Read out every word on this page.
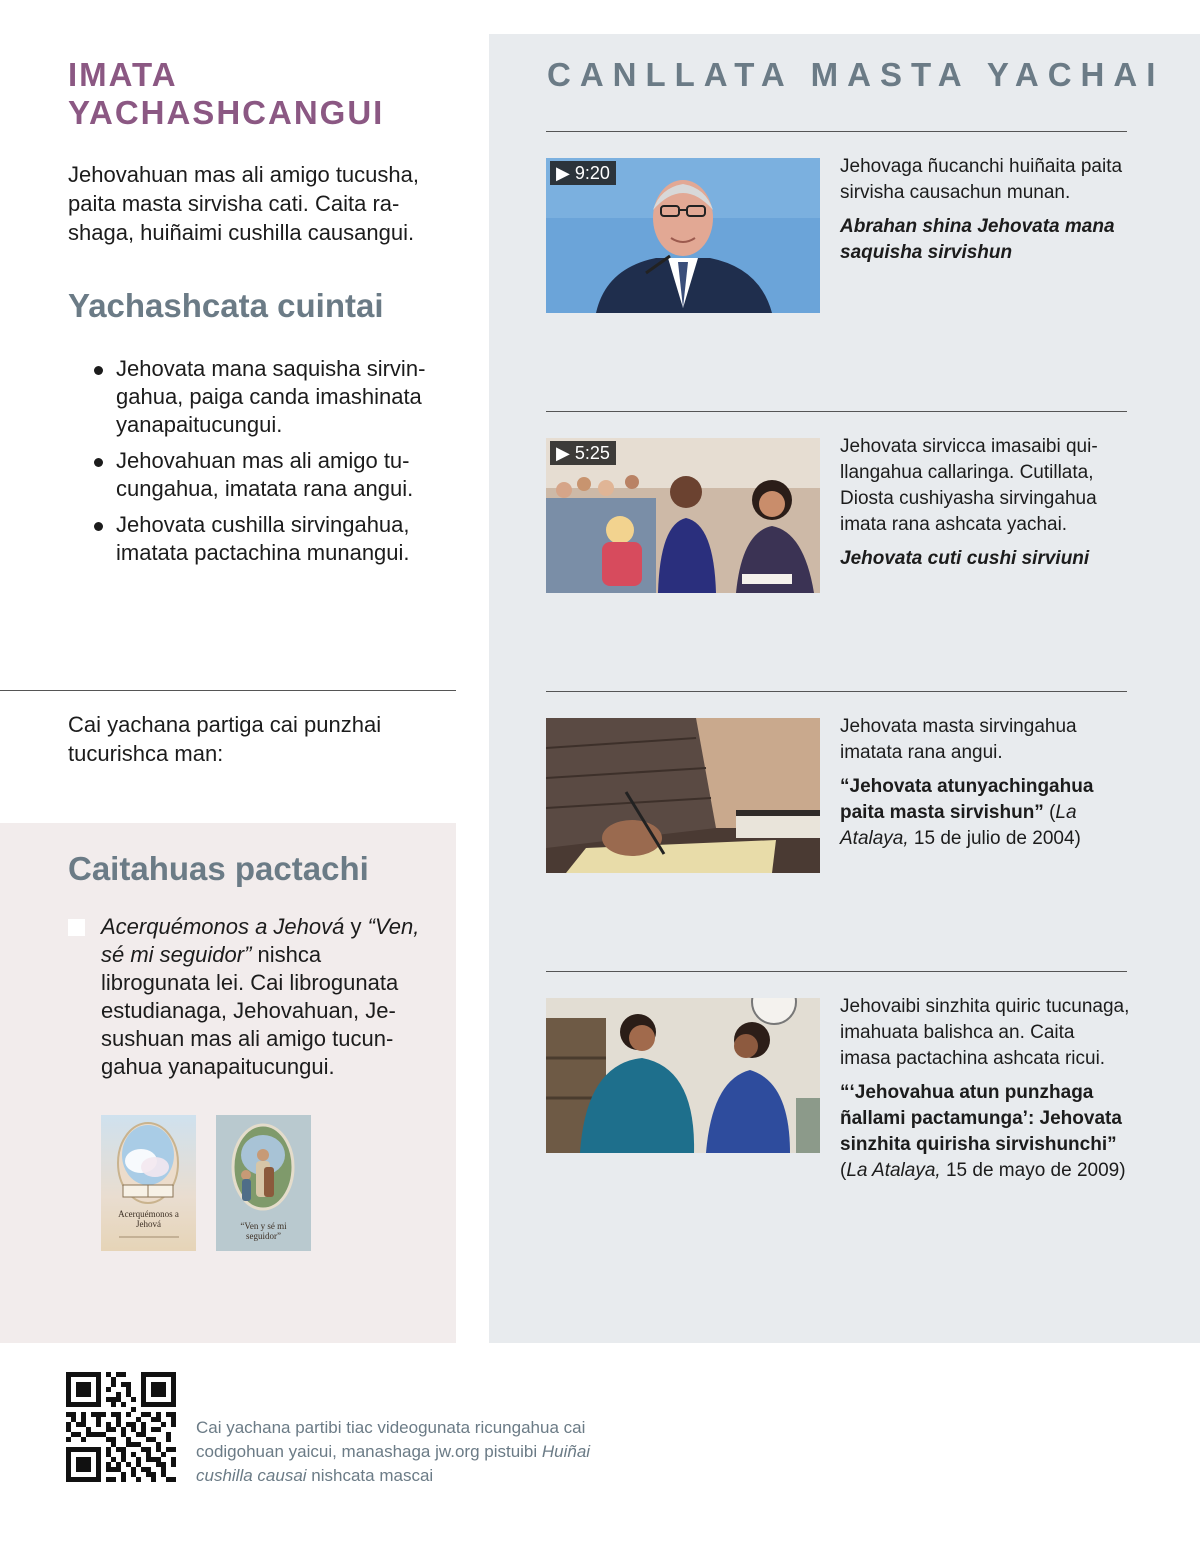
IMATA YACHASHCANGUI

Jehovahuan mas ali amigo tucusha, paita masta sirvisha cati. Caita rashaga, huiñaimi cushilla causangui.

Yachashcata cuintai
Jehovata mana saquisha sirvingahua, paiga canda imashinata yanapaitucungui.
Jehovahuan mas ali amigo tucungahua, imatata rana angui.
Jehovata cushilla sirvingahua, imatata pactachina munangui.

Cai yachana partiga cai punzhai tucurishca man:

Caitahuas pactachi

Acerquémonos a Jehová y “Ven, sé mi seguidor” nishca librogunata lei. Cai librogunata estudianaga, Jehovahuan, Jesushuan mas ali amigo tucungahua yanapaitucungui.

Acerquémonos a Jehová	“Ven y sé mi seguidor”
CANLLATA MASTA YACHAI
▶ 9:20	Jehovaga ñucanchi huiñaita paita sirvisha causachun munan.

Abrahan shina Jehovata mana saquisha sirvishun

▶ 5:25	Jehovata sirvicca imasaibi quillangahua callaringa. Cutillata, Diosta cushiyasha sirvingahua imata rana ashcata yachai.

Jehovata cuti cushi sirviuni

Jehovata masta sirvingahua imatata rana angui.

“Jehovata atunyachingahua paita masta sirvishun” (La Atalaya, 15 de julio de 2004)

Jehovaibi sinzhita quiric tucunaga, imahuata balishca an. Caita imasa pactachina ashcata ricui.

“‘Jehovahua atun punzhaga ñallami pactamunga’: Jehovata sinzhita quirisha sirvishunchi” (La Atalaya, 15 de mayo de 2009)

Cai yachana partibi tiac videogunata ricungahua cai codigohuan yaicui, manashaga jw.org pistuibi Huiñai cushilla causai nishcata mascai
